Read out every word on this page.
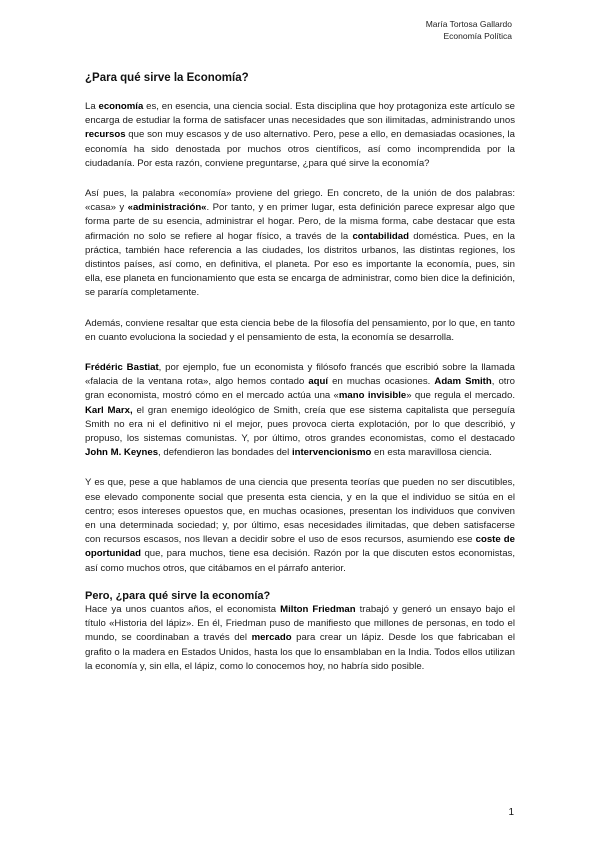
María Tortosa Gallardo
Economía Política
¿Para qué sirve la Economía?

La economía es, en esencia, una ciencia social. Esta disciplina que hoy protagoniza este artículo se encarga de estudiar la forma de satisfacer unas necesidades que son ilimitadas, administrando unos recursos que son muy escasos y de uso alternativo. Pero, pese a ello, en demasiadas ocasiones, la economía ha sido denostada por muchos otros científicos, así como incomprendida por la ciudadanía. Por esta razón, conviene preguntarse, ¿para qué sirve la economía?

Así pues, la palabra «economía» proviene del griego. En concreto, de la unión de dos palabras: «casa» y «administración«. Por tanto, y en primer lugar, esta definición parece expresar algo que forma parte de su esencia, administrar el hogar. Pero, de la misma forma, cabe destacar que esta afirmación no solo se refiere al hogar físico, a través de la contabilidad doméstica. Pues, en la práctica, también hace referencia a las ciudades, los distritos urbanos, las distintas regiones, los distintos países, así como, en definitiva, el planeta. Por eso es importante la economía, pues, sin ella, ese planeta en funcionamiento que esta se encarga de administrar, como bien dice la definición, se pararía completamente.

Además, conviene resaltar que esta ciencia bebe de la filosofía del pensamiento, por lo que, en tanto en cuanto evoluciona la sociedad y el pensamiento de esta, la economía se desarrolla.

Frédéric Bastiat, por ejemplo, fue un economista y filósofo francés que escribió sobre la llamada «falacia de la ventana rota», algo hemos contado aquí en muchas ocasiones. Adam Smith, otro gran economista, mostró cómo en el mercado actúa una «mano invisible» que regula el mercado. Karl Marx, el gran enemigo ideológico de Smith, creía que ese sistema capitalista que perseguía Smith no era ni el definitivo ni el mejor, pues provoca cierta explotación, por lo que describió, y propuso, los sistemas comunistas. Y, por último, otros grandes economistas, como el destacado John M. Keynes, defendieron las bondades del intervencionismo en esta maravillosa ciencia.

Y es que, pese a que hablamos de una ciencia que presenta teorías que pueden no ser discutibles, ese elevado componente social que presenta esta ciencia, y en la que el individuo se sitúa en el centro; esos intereses opuestos que, en muchas ocasiones, presentan los individuos que conviven en una determinada sociedad; y, por último, esas necesidades ilimitadas, que deben satisfacerse con recursos escasos, nos llevan a decidir sobre el uso de esos recursos, asumiendo ese coste de oportunidad que, para muchos, tiene esa decisión. Razón por la que discuten estos economistas, así como muchos otros, que citábamos en el párrafo anterior.

Pero, ¿para qué sirve la economía?

Hace ya unos cuantos años, el economista Milton Friedman trabajó y generó un ensayo bajo el título «Historia del lápiz». En él, Friedman puso de manifiesto que millones de personas, en todo el mundo, se coordinaban a través del mercado para crear un lápiz. Desde los que fabricaban el grafito o la madera en Estados Unidos, hasta los que lo ensamblaban en la India. Todos ellos utilizan la economía y, sin ella, el lápiz, como lo conocemos hoy, no habría sido posible.

1
